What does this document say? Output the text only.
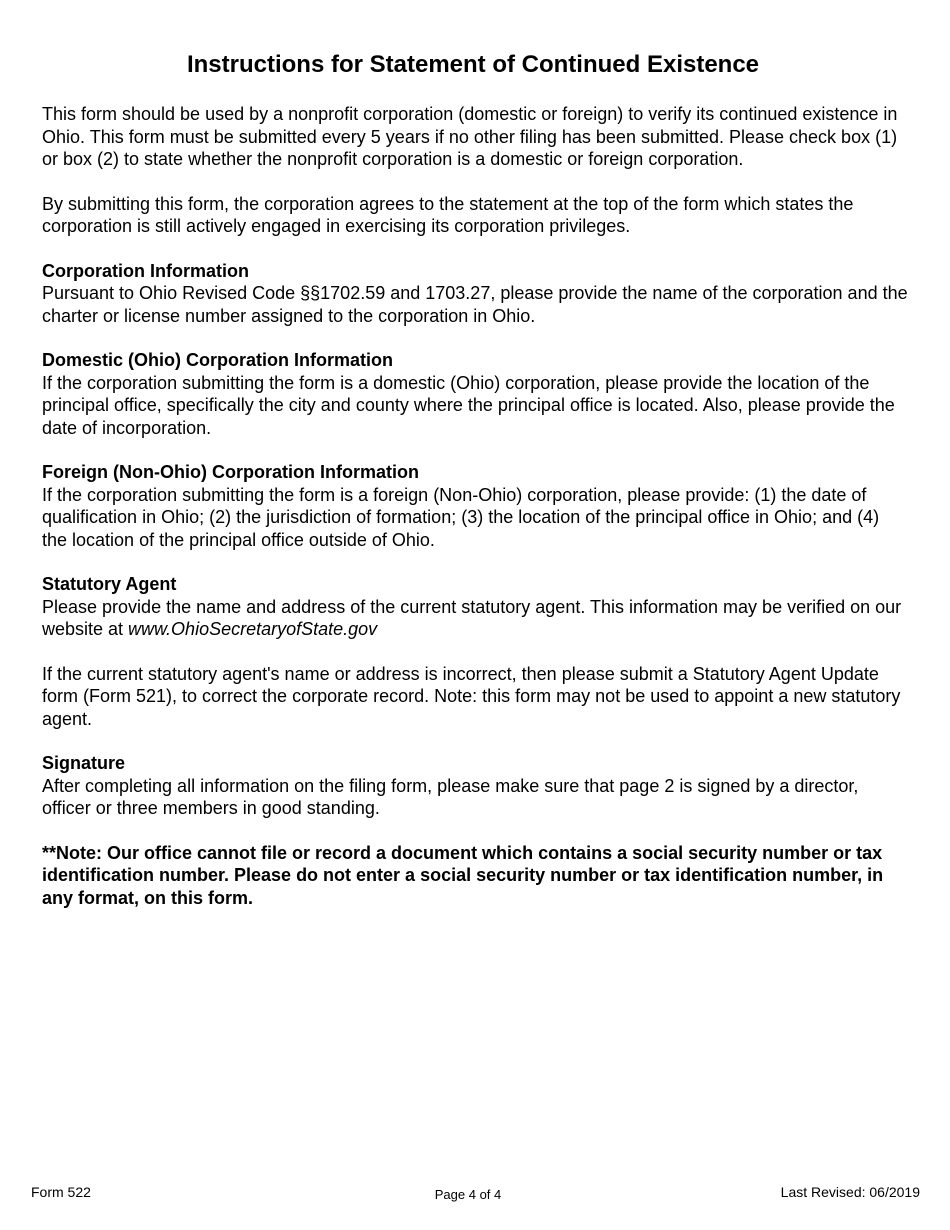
Instructions for Statement of Continued Existence

This form should be used by a nonprofit corporation (domestic or foreign) to verify its continued existence in Ohio. This form must be submitted every 5 years if no other filing has been submitted. Please check box (1) or box (2) to state whether the nonprofit corporation is a domestic or foreign corporation.

By submitting this form, the corporation agrees to the statement at the top of the form which states the corporation is still actively engaged in exercising its corporation privileges.

Corporation Information
Pursuant to Ohio Revised Code §§1702.59 and 1703.27, please provide the name of the corporation and the charter or license number assigned to the corporation in Ohio.

Domestic (Ohio) Corporation Information
If the corporation submitting the form is a domestic (Ohio) corporation, please provide the location of the principal office, specifically the city and county where the principal office is located. Also, please provide the date of incorporation.

Foreign (Non-Ohio) Corporation Information
If the corporation submitting the form is a foreign (Non-Ohio) corporation, please provide: (1) the date of qualification in Ohio; (2) the jurisdiction of formation; (3) the location of the principal office in Ohio; and (4) the location of the principal office outside of Ohio.

Statutory Agent
Please provide the name and address of the current statutory agent. This information may be verified on our website at www.OhioSecretaryofState.gov

If the current statutory agent's name or address is incorrect, then please submit a Statutory Agent Update form (Form 521), to correct the corporate record. Note: this form may not be used to appoint a new statutory agent.

Signature
After completing all information on the filing form, please make sure that page 2 is signed by a director, officer or three members in good standing.

**Note: Our office cannot file or record a document which contains a social security number or tax identification number. Please do not enter a social security number or tax identification number, in any format, on this form.

Form 522	Page 4 of 4	Last Revised: 06/2019
